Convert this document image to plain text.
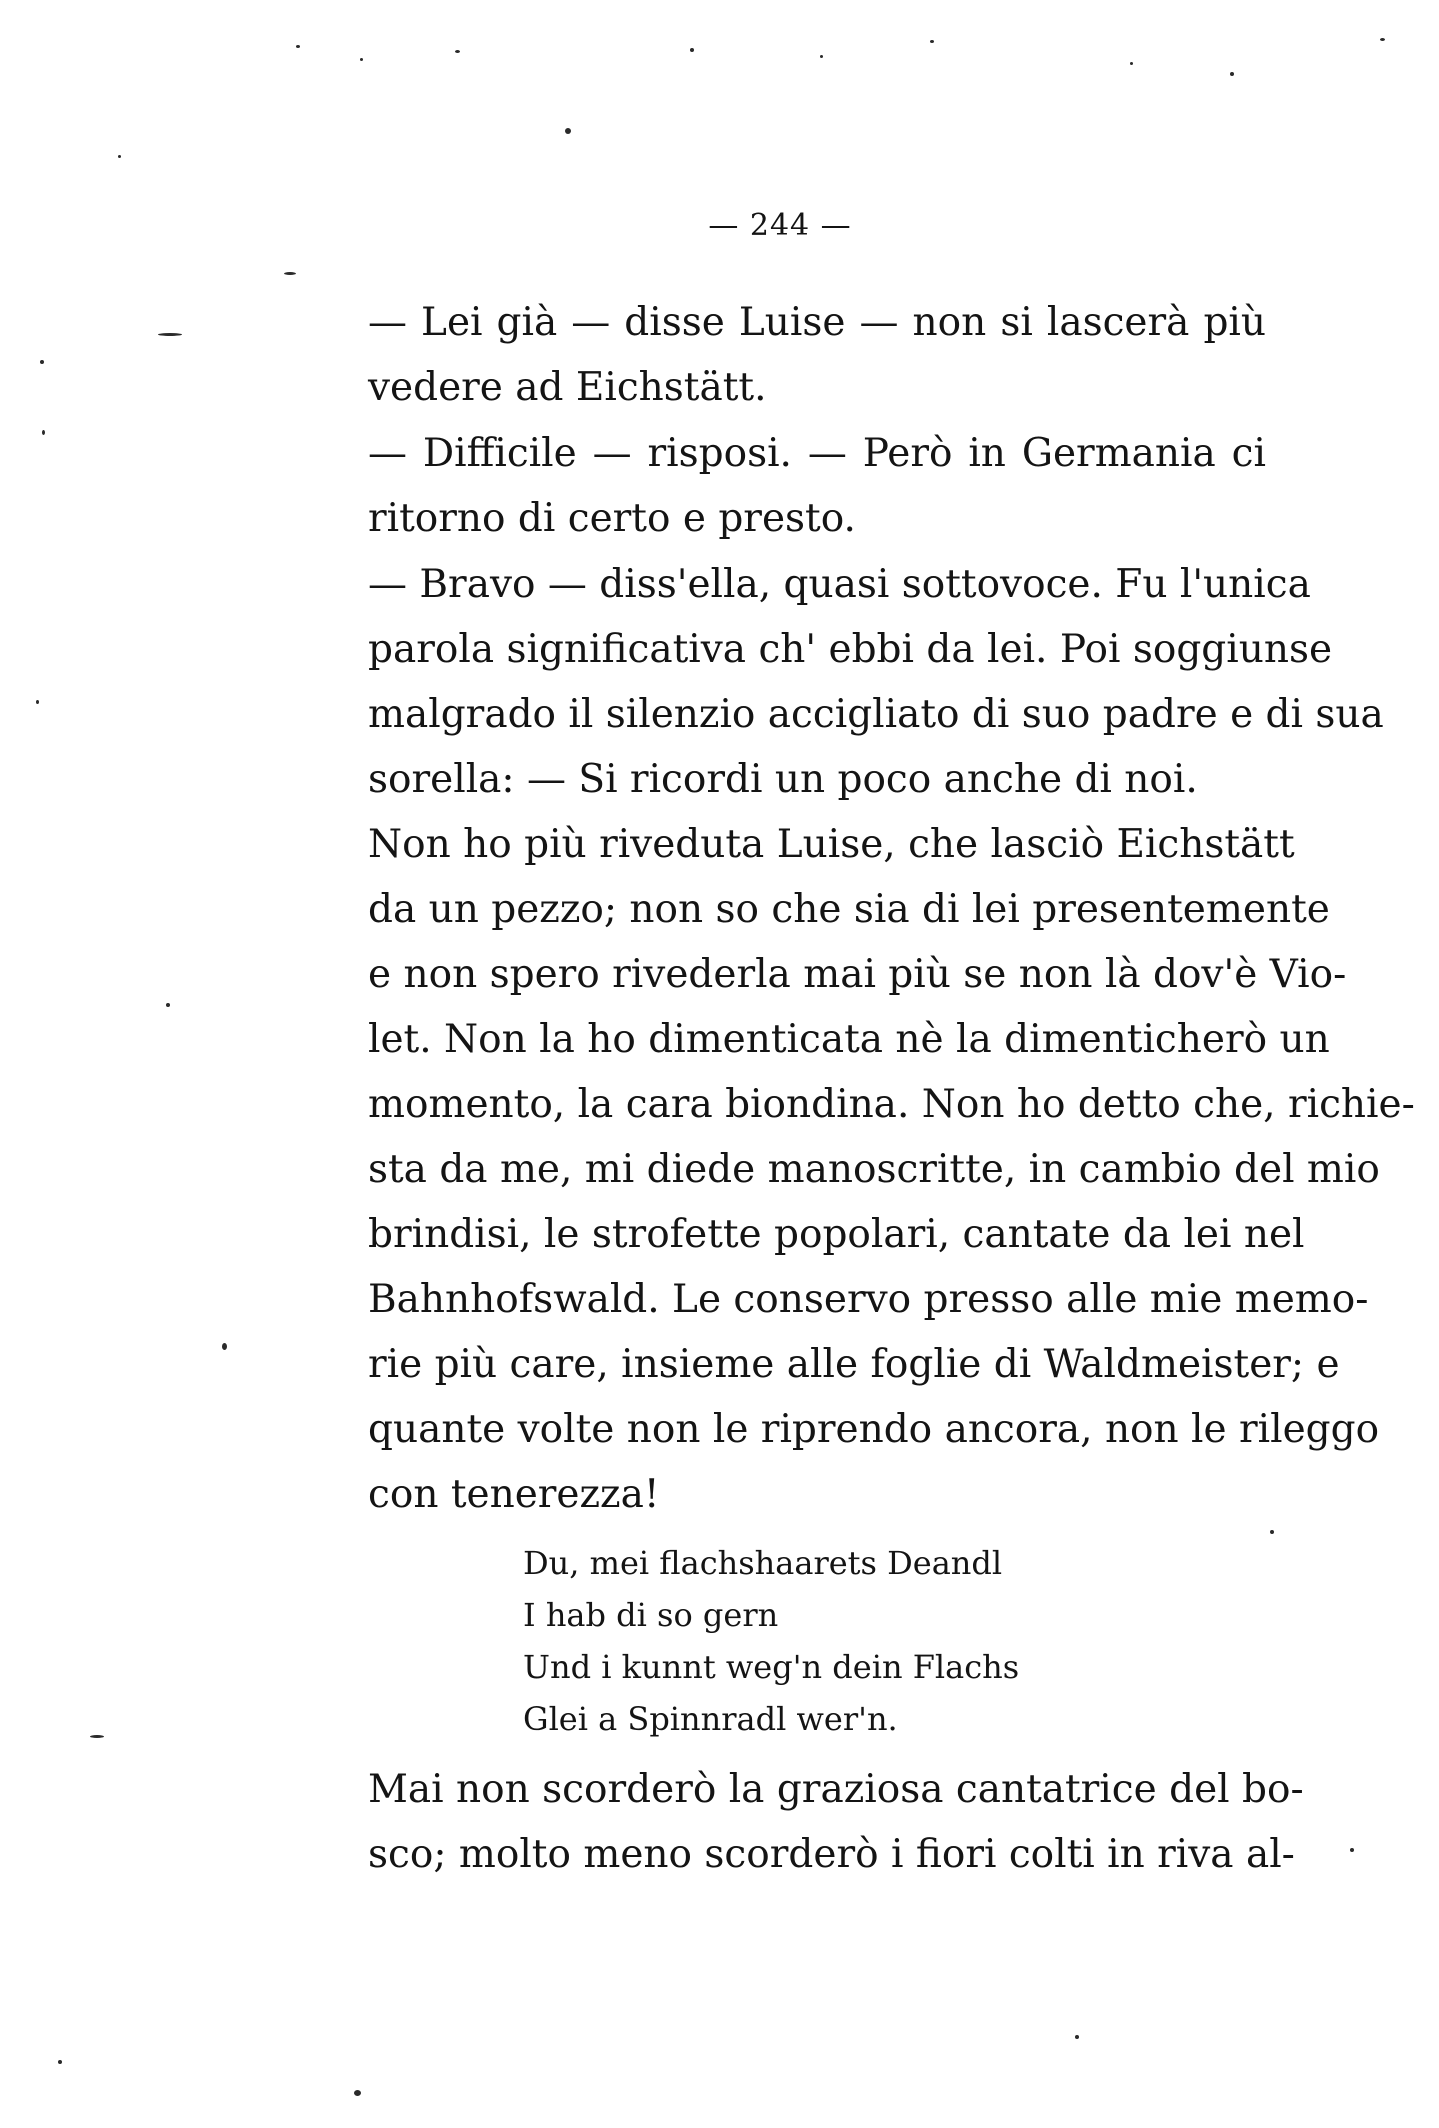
— 244 —
— Lei già — disse Luise — non si lascerà più
vedere ad Eichstätt.
— Difficile — risposi. — Però in Germania ci
ritorno di certo e presto.
— Bravo — diss'ella, quasi sottovoce. Fu l'unica
parola significativa ch' ebbi da lei. Poi soggiunse
malgrado il silenzio accigliato di suo padre e di sua
sorella: — Si ricordi un poco anche di noi.
Non ho più riveduta Luise, che lasciò Eichstätt
da un pezzo; non so che sia di lei presentemente
e non spero rivederla mai più se non là dov'è Vio-
let. Non la ho dimenticata nè la dimenticherò un
momento, la cara biondina. Non ho detto che, richie-
sta da me, mi diede manoscritte, in cambio del mio
brindisi, le strofette popolari, cantate da lei nel
Bahnhofswald. Le conservo presso alle mie memo-
rie più care, insieme alle foglie di Waldmeister; e
quante volte non le riprendo ancora, non le rileggo
con tenerezza!
Du, mei flachshaarets Deandl
I hab di so gern
Und i kunnt weg'n dein Flachs
Glei a Spinnradl wer'n.
Mai non scorderò la graziosa cantatrice del bo-
sco; molto meno scorderò i fiori colti in riva al-
